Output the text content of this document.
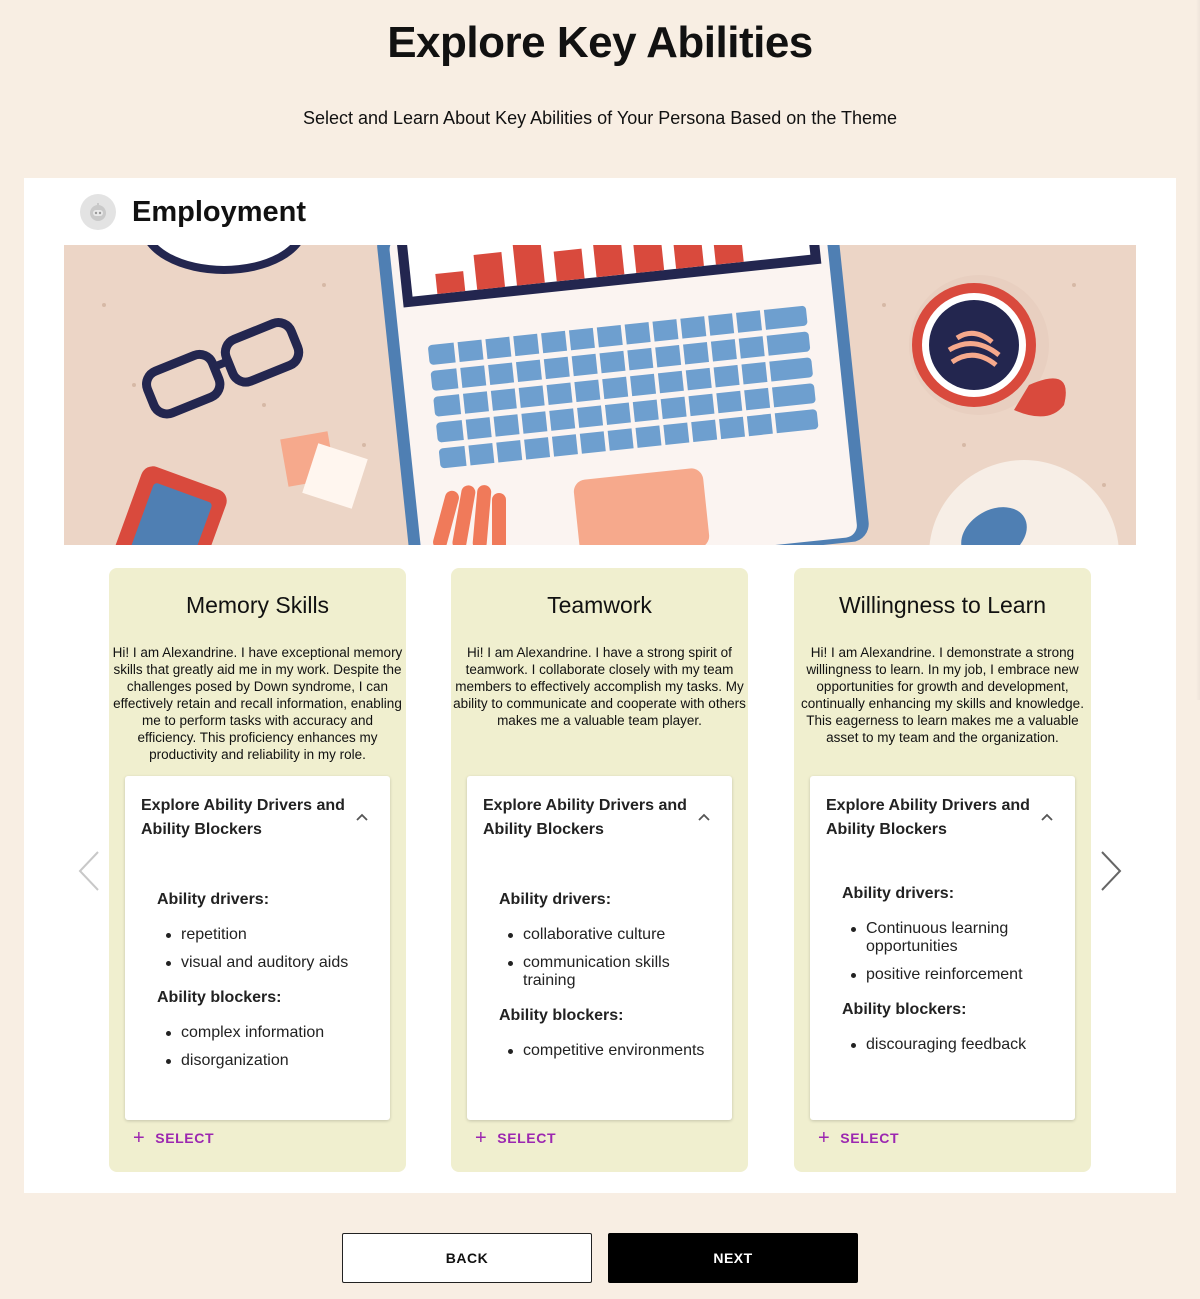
Explore Key Abilities
Select and Learn About Key Abilities of Your Persona Based on the Theme
Employment
Memory Skills
Hi! I am Alexandrine. I have exceptional memory skills that greatly aid me in my work. Despite the challenges posed by Down syndrome, I can effectively retain and recall information, enabling me to perform tasks with accuracy and efficiency. This proficiency enhances my productivity and reliability in my role.
Explore Ability Drivers and Ability Blockers
Ability drivers:
repetition
visual and auditory aids
Ability blockers:
complex information
disorganization
+ SELECT
Teamwork
Hi! I am Alexandrine. I have a strong spirit of teamwork. I collaborate closely with my team members to effectively accomplish my tasks. My ability to communicate and cooperate with others makes me a valuable team player.
Explore Ability Drivers and Ability Blockers
Ability drivers:
collaborative culture
communication skills training
Ability blockers:
competitive environments
+ SELECT
Willingness to Learn
Hi! I am Alexandrine. I demonstrate a strong willingness to learn. In my job, I embrace new opportunities for growth and development, continually enhancing my skills and knowledge. This eagerness to learn makes me a valuable asset to my team and the organization.
Explore Ability Drivers and Ability Blockers
Ability drivers:
Continuous learning opportunities
positive reinforcement
Ability blockers:
discouraging feedback
+ SELECT
BACK	NEXT
